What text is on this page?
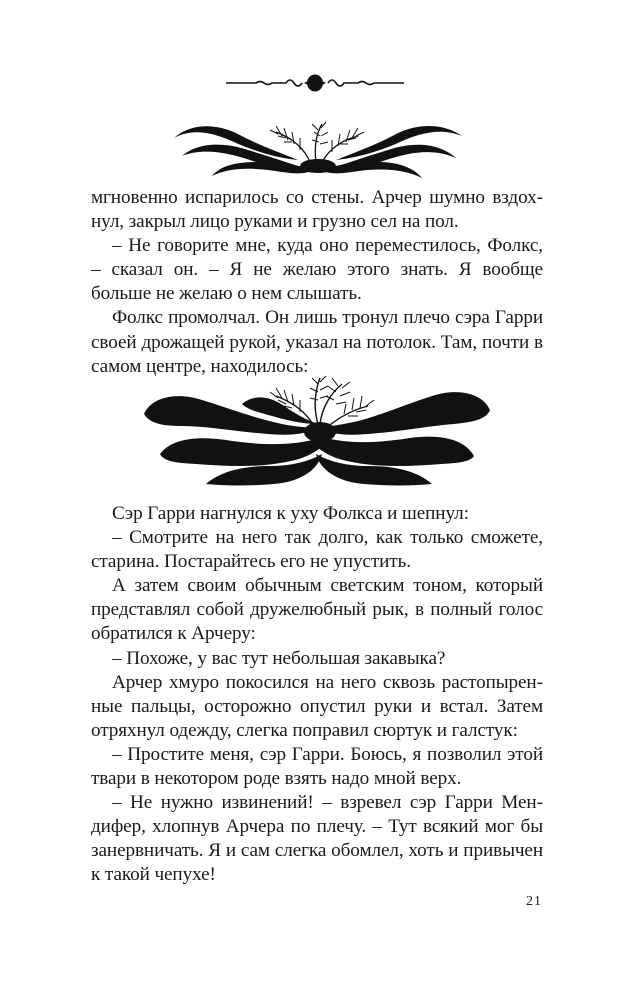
мгновенно испарилось со стены. Арчер шумно вздохнул, закрыл лицо руками и грузно сел на пол.

– Не говорите мне, куда оно переместилось, Фолкс, – сказал он. – Я не желаю этого знать. Я вообще больше не желаю о нем слышать.

Фолкс промолчал. Он лишь тронул плечо сэра Гарри своей дрожащей рукой, указал на потолок. Там, почти в самом центре, находилось:

Сэр Гарри нагнулся к уху Фолкса и шепнул:

– Смотрите на него так долго, как только сможете, старина. Постарайтесь его не упустить.

А затем своим обычным светским тоном, который представлял собой дружелюбный рык, в полный голос обратился к Арчеру:

– Похоже, у вас тут небольшая закавыка?

Арчер хмуро покосился на него сквозь растопыренные пальцы, осторожно опустил руки и встал. Затем отряхнул одежду, слегка поправил сюртук и галстук:

– Простите меня, сэр Гарри. Боюсь, я позволил этой твари в некотором роде взять надо мной верх.

– Не нужно извинений! – взревел сэр Гарри Мендифер, хлопнув Арчера по плечу. – Тут всякий мог бы занервничать. Я и сам слегка обомлел, хоть и привычен к такой чепухе!

21
